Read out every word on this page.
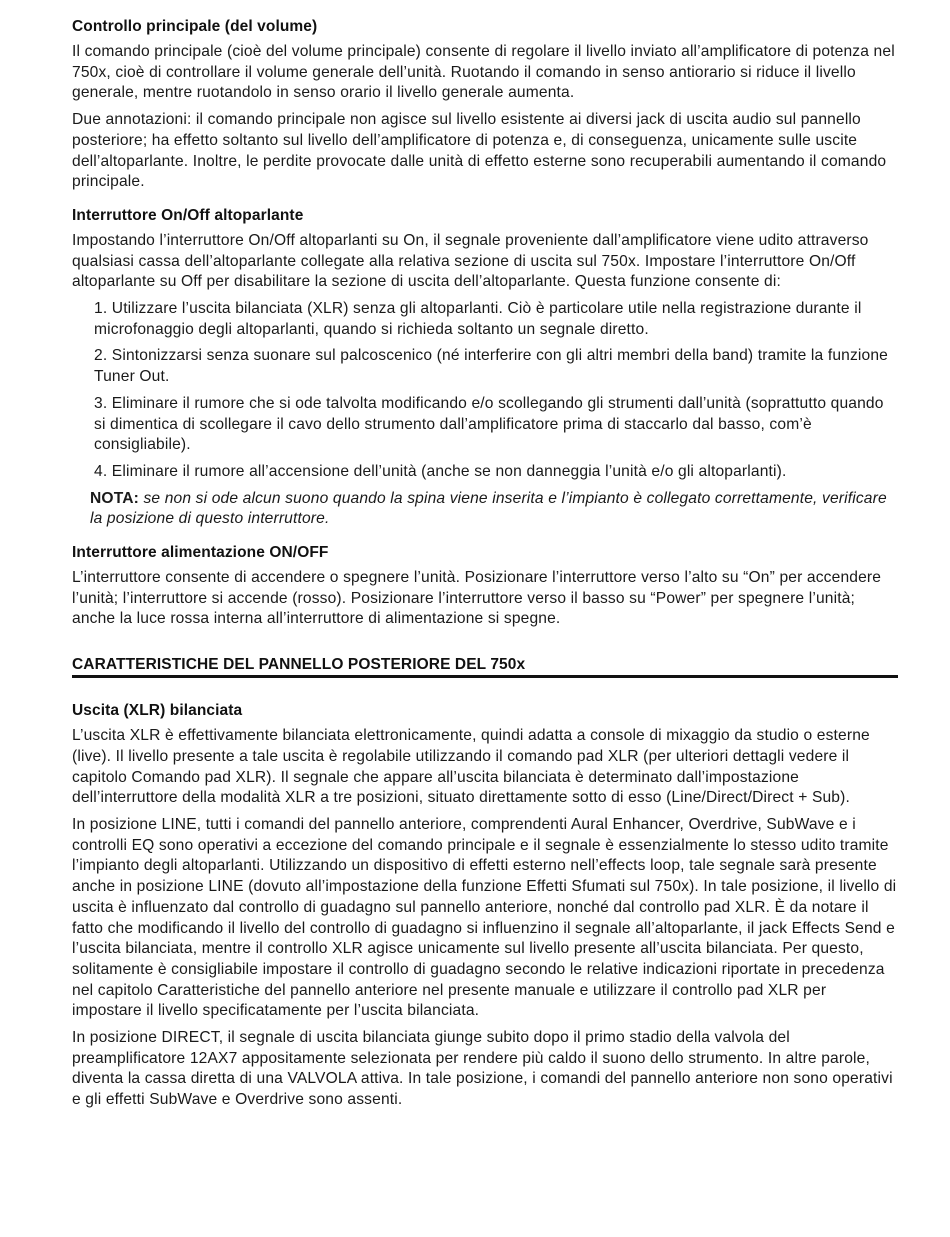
Controllo principale (del volume)

Il comando principale (cioè del volume principale) consente di regolare il livello inviato all’amplificatore di potenza nel 750x, cioè di controllare il volume generale dell’unità. Ruotando il comando in senso antiorario si riduce il livello generale, mentre ruotandolo in senso orario il livello generale aumenta.

Due annotazioni: il comando principale non agisce sul livello esistente ai diversi jack di uscita audio sul pannello posteriore; ha effetto soltanto sul livello dell’amplificatore di potenza e, di conseguenza, unicamente sulle uscite dell’altoparlante. Inoltre, le perdite provocate dalle unità di effetto esterne sono recuperabili aumentando il comando principale.

Interruttore On/Off altoparlante

Impostando l’interruttore On/Off altoparlanti su On, il segnale proveniente dall’amplificatore viene udito attraverso qualsiasi cassa dell’altoparlante collegate alla relativa sezione di uscita sul 750x. Impostare l’interruttore On/Off altoparlante su Off per disabilitare la sezione di uscita dell’altoparlante. Questa funzione consente di:

1. Utilizzare l’uscita bilanciata (XLR) senza gli altoparlanti. Ciò è particolare utile nella registrazione durante il microfonaggio degli altoparlanti, quando si richieda soltanto un segnale diretto.
2. Sintonizzarsi senza suonare sul palcoscenico (né interferire con gli altri membri della band) tramite la funzione Tuner Out.
3. Eliminare il rumore che si ode talvolta modificando e/o scollegando gli strumenti dall’unità (soprattutto quando si dimentica di scollegare il cavo dello strumento dall’amplificatore prima di staccarlo dal basso, com’è consigliabile).
4. Eliminare il rumore all’accensione dell’unità (anche se non danneggia l’unità e/o gli altoparlanti).
NOTA: se non si ode alcun suono quando la spina viene inserita e l’impianto è collegato correttamente, verificare la posizione di questo interruttore.
Interruttore alimentazione ON/OFF

L’interruttore consente di accendere o spegnere l’unità. Posizionare l’interruttore verso l’alto su “On” per accendere l’unità; l’interruttore si accende (rosso). Posizionare l’interruttore verso il basso su “Power” per spegnere l’unità; anche la luce rossa interna all’interruttore di alimentazione si spegne.

CARATTERISTICHE DEL PANNELLO POSTERIORE DEL 750x
Uscita (XLR) bilanciata

L’uscita XLR è effettivamente bilanciata elettronicamente, quindi adatta a console di mixaggio da studio o esterne (live). Il livello presente a tale uscita è regolabile utilizzando il comando pad XLR (per ulteriori dettagli vedere il capitolo Comando pad XLR). Il segnale che appare all’uscita bilanciata è determinato dall’impostazione dell’interruttore della modalità XLR a tre posizioni, situato direttamente sotto di esso (Line/Direct/Direct + Sub).

In posizione LINE, tutti i comandi del pannello anteriore, comprendenti Aural Enhancer, Overdrive, SubWave e i controlli EQ sono operativi a eccezione del comando principale e il segnale è essenzialmente lo stesso udito tramite l’impianto degli altoparlanti. Utilizzando un dispositivo di effetti esterno nell’effects loop, tale segnale sarà presente anche in posizione LINE (dovuto all’impostazione della funzione Effetti Sfumati sul 750x). In tale posizione, il livello di uscita è influenzato dal controllo di guadagno sul pannello anteriore, nonché dal controllo pad XLR. È da notare il fatto che modificando il livello del controllo di guadagno si influenzino il segnale all’altoparlante, il jack Effects Send e l’uscita bilanciata, mentre il controllo XLR agisce unicamente sul livello presente all’uscita bilanciata. Per questo, solitamente è consigliabile impostare il controllo di guadagno secondo le relative indicazioni riportate in precedenza nel capitolo Caratteristiche del pannello anteriore nel presente manuale e utilizzare il controllo pad XLR per impostare il livello specificatamente per l’uscita bilanciata.

In posizione DIRECT, il segnale di uscita bilanciata giunge subito dopo il primo stadio della valvola del preamplificatore 12AX7 appositamente selezionata per rendere più caldo il suono dello strumento. In altre parole, diventa la cassa diretta di una VALVOLA attiva. In tale posizione, i comandi del pannello anteriore non sono operativi e gli effetti SubWave e Overdrive sono assenti.
